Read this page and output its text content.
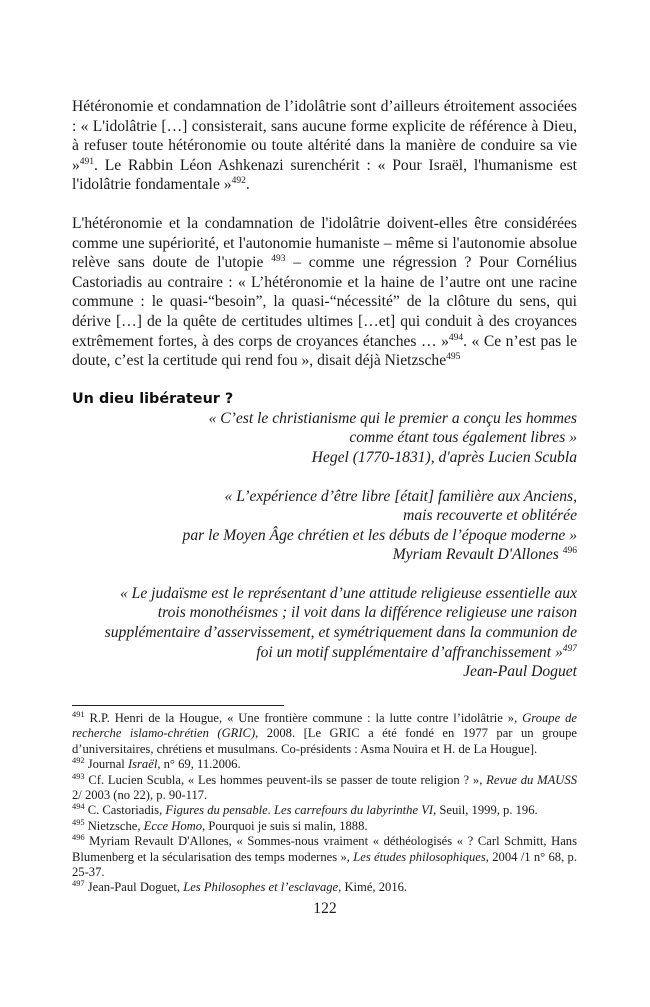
Hétéronomie et condamnation de l’idolâtrie sont d’ailleurs étroitement associées : « L'idolâtrie […] consisterait, sans aucune forme explicite de référence à Dieu, à refuser toute hétéronomie ou toute altérité dans la manière de conduire sa vie »$^{491}$. Le Rabbin Léon Ashkenazi surenchérit : « Pour Israël, l'humanisme est l'idolâtrie fondamentale »$^{492}$.

L'hétéronomie et la condamnation de l'idolâtrie doivent-elles être considérées comme une supériorité, et l'autonomie humaniste – même si l'autonomie absolue relève sans doute de l'utopie $^{493}$ – comme une régression ? Pour Cornélius Castoriadis au contraire : « L’hétéronomie et la haine de l’autre ont une racine commune : le quasi-“besoin”, la quasi-“nécessité” de la clôture du sens, qui dérive […] de la quête de certitudes ultimes […et] qui conduit à des croyances extrêmement fortes, à des corps de croyances étanches … »$^{494}$. « Ce n’est pas le doute, c’est la certitude qui rend fou », disait déjà Nietzsche$^{495}$

Un dieu libérateur ?

« C’est le christianisme qui le premier a conçu les hommes
comme étant tous également libres »
Hegel (1770-1831), d'après Lucien Scubla

« L’expérience d’être libre [était] familière aux Anciens,
mais recouverte et oblitérée
par le Moyen Âge chrétien et les débuts de l’époque moderne »
Myriam Revault D'Allones $^{496}$

« Le judaïsme est le représentant d’une attitude religieuse essentielle aux
trois monothéismes ; il voit dans la différence religieuse une raison
supplémentaire d’asservissement, et symétriquement dans la communion de
foi un motif supplémentaire d’affranchissement »$^{497}$
Jean-Paul Doguet

$^{491}$ R.P. Henri de la Hougue, « Une frontière commune : la lutte contre l’idolâtrie », Groupe de recherche islamo-chrétien (GRIC), 2008. [Le GRIC a été fondé en 1977 par un groupe d’universitaires, chrétiens et musulmans. Co-présidents : Asma Nouira et H. de La Hougue].

$^{492}$ Journal Israël, n° 69, 11.2006.

$^{493}$ Cf. Lucien Scubla, « Les hommes peuvent-ils se passer de toute religion ? », Revue du MAUSS 2/ 2003 (no 22), p. 90-117.

$^{494}$ C. Castoriadis, Figures du pensable. Les carrefours du labyrinthe VI, Seuil, 1999, p. 196.

$^{495}$ Nietzsche, Ecce Homo, Pourquoi je suis si malin, 1888.

$^{496}$ Myriam Revault D'Allones, « Sommes-nous vraiment « déthéologisés « ? Carl Schmitt, Hans Blumenberg et la sécularisation des temps modernes », Les études philosophiques, 2004 /1 n° 68, p. 25-37.

$^{497}$ Jean-Paul Doguet, Les Philosophes et l’esclavage, Kimé, 2016.

122
